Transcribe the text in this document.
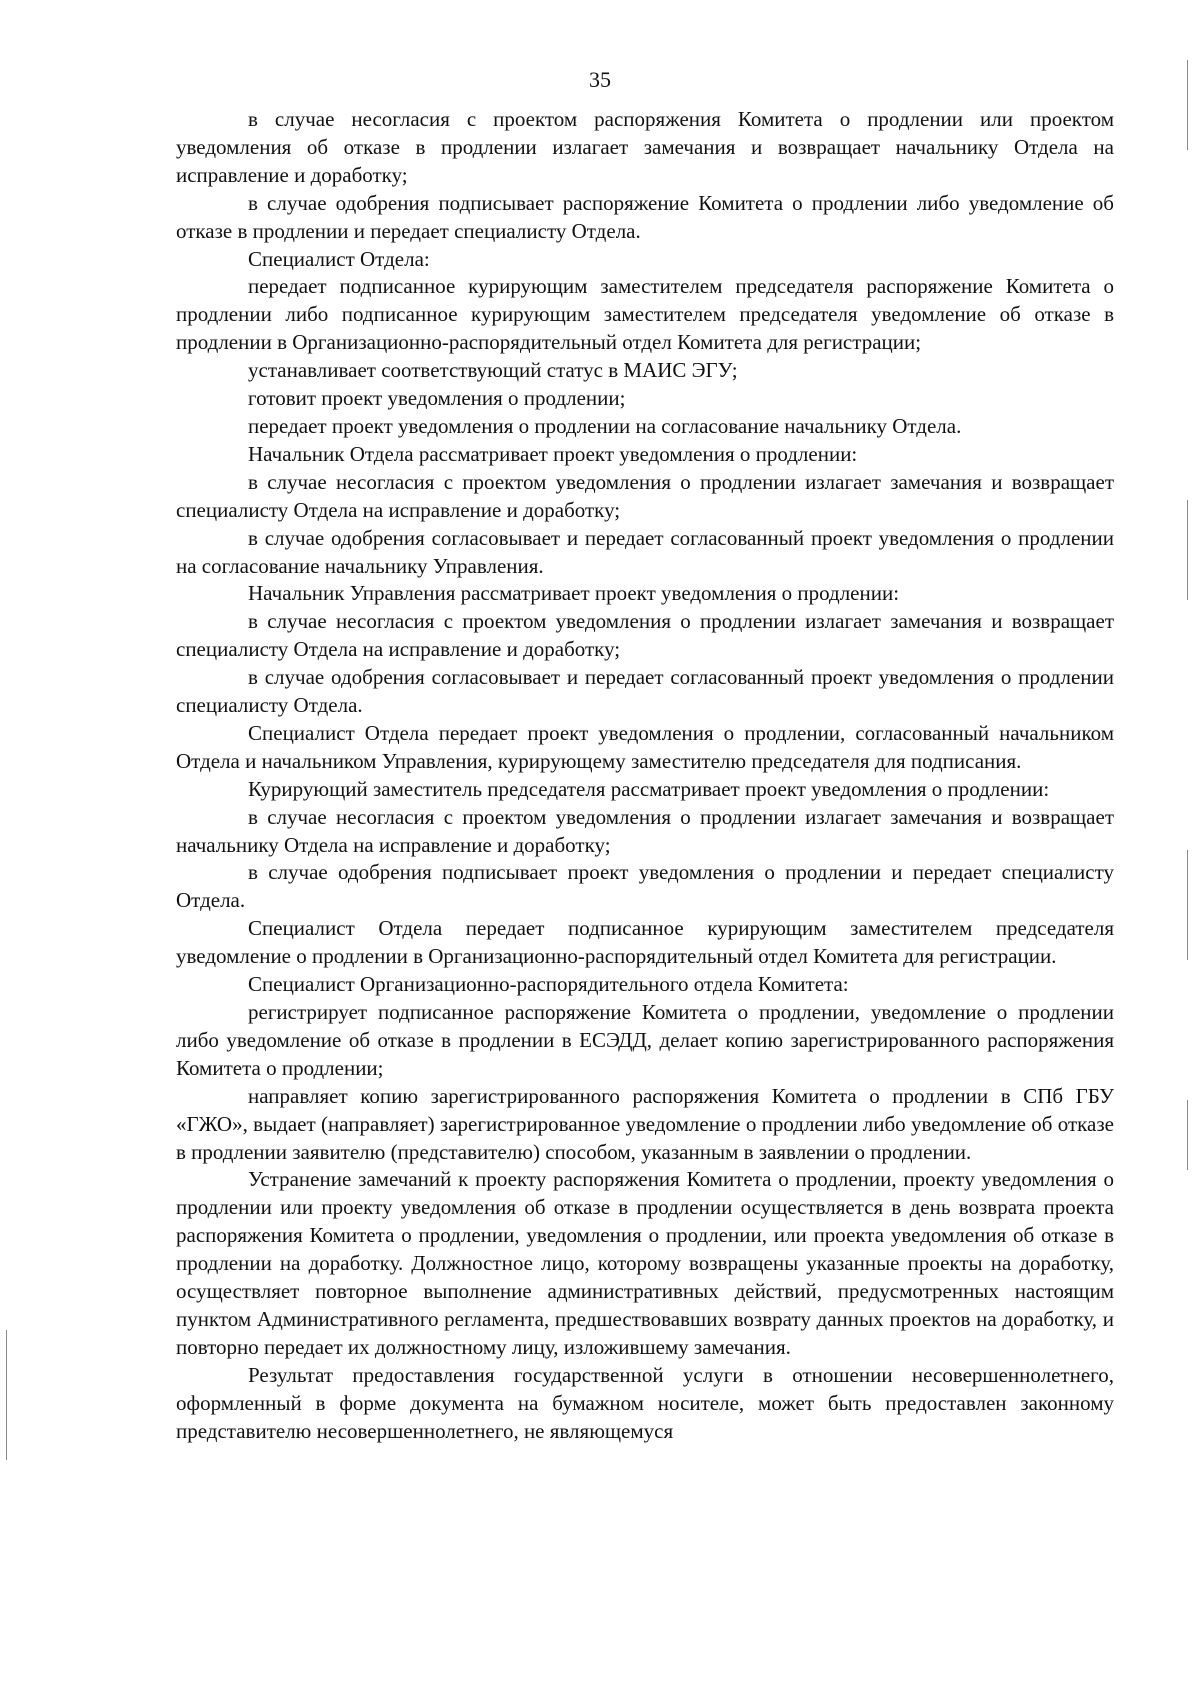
35

в случае несогласия с проектом распоряжения Комитета о продлении или проектом уведомления об отказе в продлении излагает замечания и возвращает начальнику Отдела на исправление и доработку;

в случае одобрения подписывает распоряжение Комитета о продлении либо уведомление об отказе в продлении и передает специалисту Отдела.

Специалист Отдела:

передает подписанное курирующим заместителем председателя распоряжение Комитета о продлении либо подписанное курирующим заместителем председателя уведомление об отказе в продлении в Организационно-распорядительный отдел Комитета для регистрации;

устанавливает соответствующий статус в МАИС ЭГУ;

готовит проект уведомления о продлении;

передает проект уведомления о продлении на согласование начальнику Отдела.

Начальник Отдела рассматривает проект уведомления о продлении:

в случае несогласия с проектом уведомления о продлении излагает замечания и возвращает специалисту Отдела на исправление и доработку;

в случае одобрения согласовывает и передает согласованный проект уведомления о продлении на согласование начальнику Управления.

Начальник Управления рассматривает проект уведомления о продлении:

в случае несогласия с проектом уведомления о продлении излагает замечания и возвращает специалисту Отдела на исправление и доработку;

в случае одобрения согласовывает и передает согласованный проект уведомления о продлении специалисту Отдела.

Специалист Отдела передает проект уведомления о продлении, согласованный начальником Отдела и начальником Управления, курирующему заместителю председателя для подписания.

Курирующий заместитель председателя рассматривает проект уведомления о продлении:

в случае несогласия с проектом уведомления о продлении излагает замечания и возвращает начальнику Отдела на исправление и доработку;

в случае одобрения подписывает проект уведомления о продлении и передает специалисту Отдела.

Специалист Отдела передает подписанное курирующим заместителем председателя уведомление о продлении в Организационно-распорядительный отдел Комитета для регистрации.

Специалист Организационно-распорядительного отдела Комитета:

регистрирует подписанное распоряжение Комитета о продлении, уведомление о продлении либо уведомление об отказе в продлении в ЕСЭДД, делает копию зарегистрированного распоряжения Комитета о продлении;

направляет копию зарегистрированного распоряжения Комитета о продлении в СПб ГБУ «ГЖО», выдает (направляет) зарегистрированное уведомление о продлении либо уведомление об отказе в продлении заявителю (представителю) способом, указанным в заявлении о продлении.

Устранение замечаний к проекту распоряжения Комитета о продлении, проекту уведомления о продлении или проекту уведомления об отказе в продлении осуществляется в день возврата проекта распоряжения Комитета о продлении, уведомления о продлении, или проекта уведомления об отказе в продлении на доработку. Должностное лицо, которому возвращены указанные проекты на доработку, осуществляет повторное выполнение административных действий, предусмотренных настоящим пунктом Административного регламента, предшествовавших возврату данных проектов на доработку, и повторно передает их должностному лицу, изложившему замечания.

Результат предоставления государственной услуги в отношении несовершеннолетнего, оформленный в форме документа на бумажном носителе, может быть предоставлен законному представителю несовершеннолетнего, не являющемуся
